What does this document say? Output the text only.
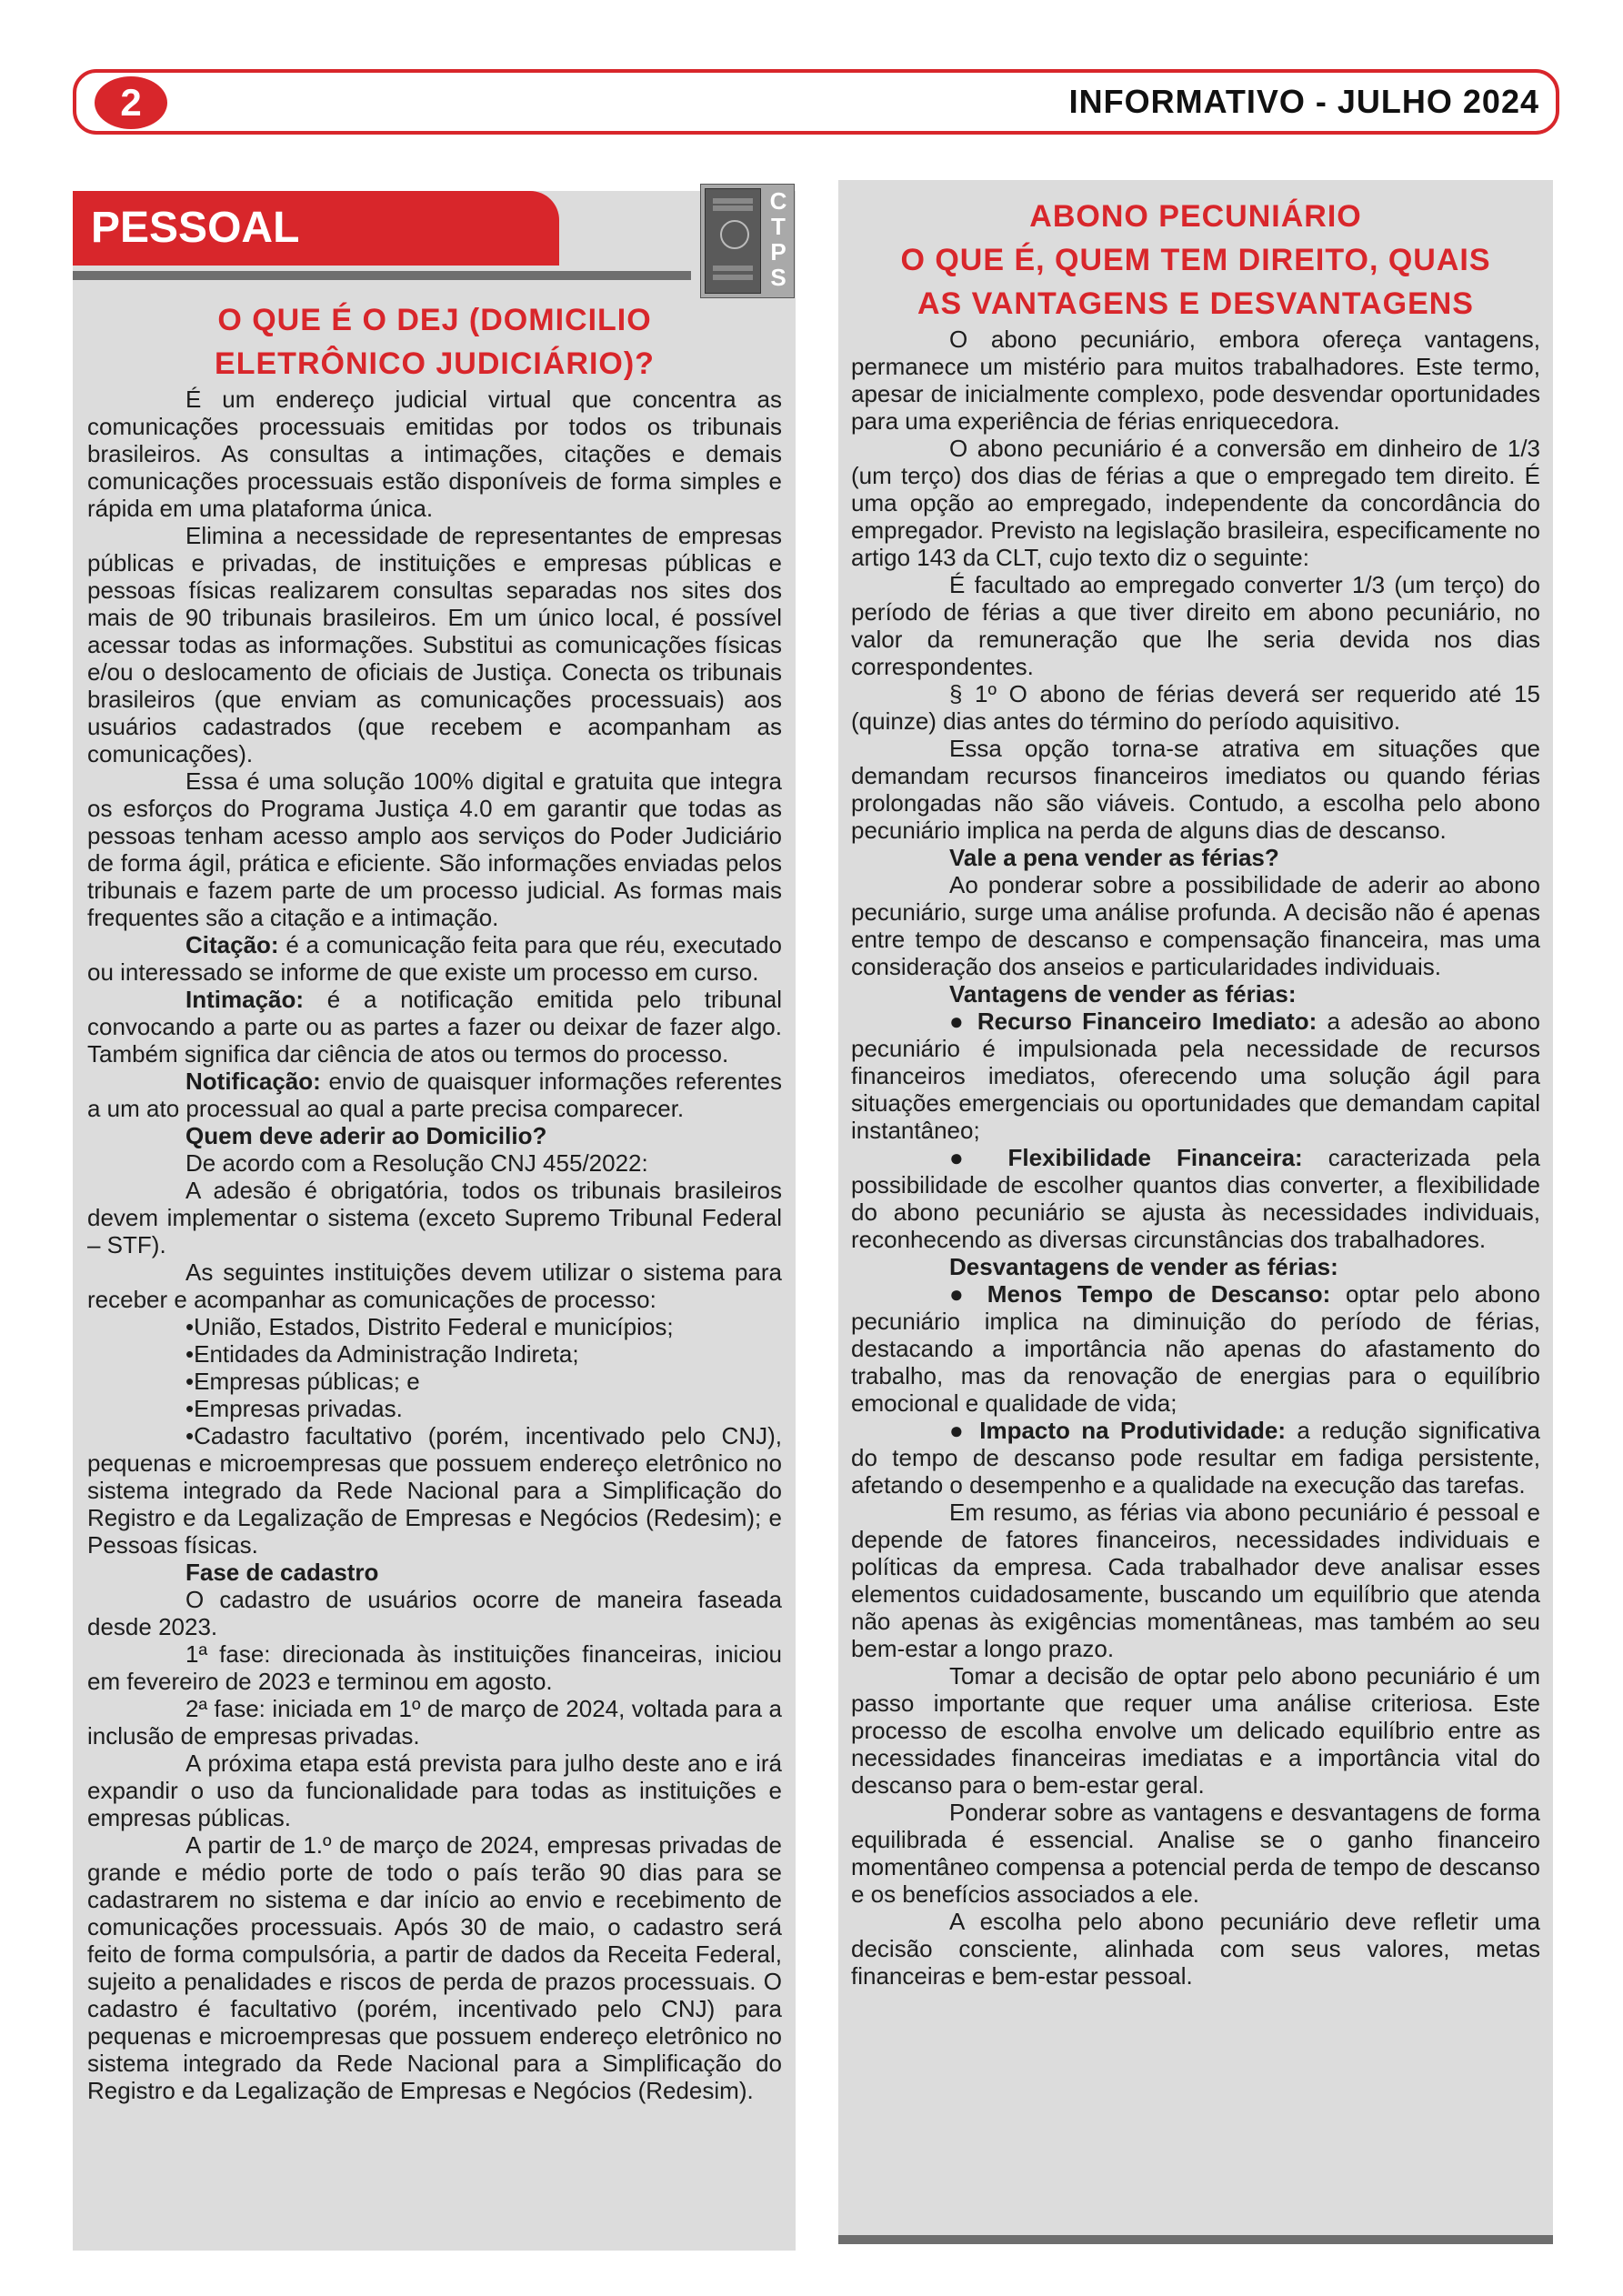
2	INFORMATIVO - JULHO 2024
PESSOAL
C
T
P
S
O QUE É O DEJ (DOMICILIO
ELETRÔNICO JUDICIÁRIO)?

É um endereço judicial virtual que concentra as comunicações processuais emitidas por todos os tribunais brasileiros. As consultas a intimações, citações e demais comunicações processuais estão disponíveis de forma simples e rápida em uma plataforma única.

Elimina a necessidade de representantes de empresas públicas e privadas, de instituições e empresas públicas e pessoas físicas realizarem consultas separadas nos sites dos mais de 90 tribunais brasileiros. Em um único local, é possível acessar todas as informações. Substitui as comunicações físicas e/ou o deslocamento de oficiais de Justiça. Conecta os tribunais brasileiros (que enviam as comunicações processuais) aos usuários cadastrados (que recebem e acompanham as comunicações).

Essa é uma solução 100% digital e gratuita que integra os esforços do Programa Justiça 4.0 em garantir que todas as pessoas tenham acesso amplo aos serviços do Poder Judiciário de forma ágil, prática e eficiente. São informações enviadas pelos tribunais e fazem parte de um processo judicial. As formas mais frequentes são a citação e a intimação.

Citação: é a comunicação feita para que réu, executado ou interessado se informe de que existe um processo em curso.

Intimação: é a notificação emitida pelo tribunal convocando a parte ou as partes a fazer ou deixar de fazer algo. Também significa dar ciência de atos ou termos do processo.

Notificação: envio de quaisquer informações referentes a um ato processual ao qual a parte precisa comparecer.

Quem deve aderir ao Domicilio?

De acordo com a Resolução CNJ 455/2022:

A adesão é obrigatória, todos os tribunais brasileiros devem implementar o sistema (exceto Supremo Tribunal Federal – STF).

As seguintes instituições devem utilizar o sistema para receber e acompanhar as comunicações de processo:

•União, Estados, Distrito Federal e municípios;

•Entidades da Administração Indireta;

•Empresas públicas; e

•Empresas privadas.

•Cadastro facultativo (porém, incentivado pelo CNJ), pequenas e microempresas que possuem endereço eletrônico no sistema integrado da Rede Nacional para a Simplificação do Registro e da Legalização de Empresas e Negócios (Redesim); e Pessoas físicas.

Fase de cadastro

O cadastro de usuários ocorre de maneira faseada desde 2023.

1ª fase: direcionada às instituições financeiras, iniciou em fevereiro de 2023 e terminou em agosto.

2ª fase: iniciada em 1º de março de 2024, voltada para a inclusão de empresas privadas.

A próxima etapa está prevista para julho deste ano e irá expandir o uso da funcionalidade para todas as instituições e empresas públicas.

A partir de 1.º de março de 2024, empresas privadas de grande e médio porte de todo o país terão 90 dias para se cadastrarem no sistema e dar início ao envio e recebimento de comunicações processuais. Após 30 de maio, o cadastro será feito de forma compulsória, a partir de dados da Receita Federal, sujeito a penalidades e riscos de perda de prazos processuais. O cadastro é facultativo (porém, incentivado pelo CNJ) para pequenas e microempresas que possuem endereço eletrônico no sistema integrado da Rede Nacional para a Simplificação do Registro e da Legalização de Empresas e Negócios (Redesim).

ABONO PECUNIÁRIO
O QUE É, QUEM TEM DIREITO, QUAIS
AS VANTAGENS E DESVANTAGENS

O abono pecuniário, embora ofereça vantagens, permanece um mistério para muitos trabalhadores. Este termo, apesar de inicialmente complexo, pode desvendar oportunidades para uma experiência de férias enriquecedora.

O abono pecuniário é a conversão em dinheiro de 1/3 (um terço) dos dias de férias a que o empregado tem direito. É uma opção ao empregado, independente da concordância do empregador. Previsto na legislação brasileira, especificamente no artigo 143 da CLT, cujo texto diz o seguinte:

É facultado ao empregado converter 1/3 (um terço) do período de férias a que tiver direito em abono pecuniário, no valor da remuneração que lhe seria devida nos dias correspondentes.

§ 1º O abono de férias deverá ser requerido até 15 (quinze) dias antes do término do período aquisitivo.

Essa opção torna-se atrativa em situações que demandam recursos financeiros imediatos ou quando férias prolongadas não são viáveis. Contudo, a escolha pelo abono pecuniário implica na perda de alguns dias de descanso.

Vale a pena vender as férias?

Ao ponderar sobre a possibilidade de aderir ao abono pecuniário, surge uma análise profunda. A decisão não é apenas entre tempo de descanso e compensação financeira, mas uma consideração dos anseios e particularidades individuais.

Vantagens de vender as férias:

● Recurso Financeiro Imediato: a adesão ao abono pecuniário é impulsionada pela necessidade de recursos financeiros imediatos, oferecendo uma solução ágil para situações emergenciais ou oportunidades que demandam capital instantâneo;

● Flexibilidade Financeira: caracterizada pela possibilidade de escolher quantos dias converter, a flexibilidade do abono pecuniário se ajusta às necessidades individuais, reconhecendo as diversas circunstâncias dos trabalhadores.

Desvantagens de vender as férias:

● Menos Tempo de Descanso: optar pelo abono pecuniário implica na diminuição do período de férias, destacando a importância não apenas do afastamento do trabalho, mas da renovação de energias para o equilíbrio emocional e qualidade de vida;

● Impacto na Produtividade: a redução significativa do tempo de descanso pode resultar em fadiga persistente, afetando o desempenho e a qualidade na execução das tarefas.

Em resumo, as férias via abono pecuniário é pessoal e depende de fatores financeiros, necessidades individuais e políticas da empresa. Cada trabalhador deve analisar esses elementos cuidadosamente, buscando um equilíbrio que atenda não apenas às exigências momentâneas, mas também ao seu bem-estar a longo prazo.

Tomar a decisão de optar pelo abono pecuniário é um passo importante que requer uma análise criteriosa. Este processo de escolha envolve um delicado equilíbrio entre as necessidades financeiras imediatas e a importância vital do descanso para o bem-estar geral.

Ponderar sobre as vantagens e desvantagens de forma equilibrada é essencial. Analise se o ganho financeiro momentâneo compensa a potencial perda de tempo de descanso e os benefícios associados a ele.

A escolha pelo abono pecuniário deve refletir uma decisão consciente, alinhada com seus valores, metas financeiras e bem-estar pessoal.
